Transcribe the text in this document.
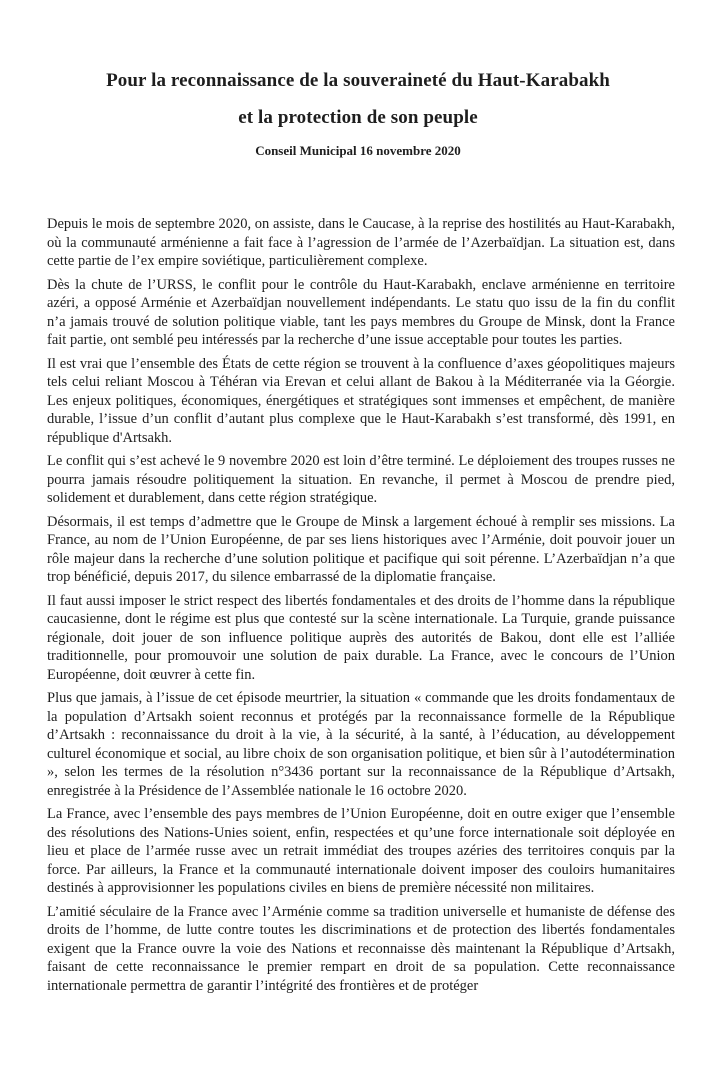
Pour la reconnaissance de la souveraineté du Haut-Karabakh
et la protection de son peuple
Conseil Municipal 16 novembre 2020

Depuis le mois de septembre 2020, on assiste, dans le Caucase, à la reprise des hostilités au Haut-Karabakh, où la communauté arménienne a fait face à l’agression de l’armée de l’Azerbaïdjan. La situation est, dans cette partie de l’ex empire soviétique, particulièrement complexe.

Dès la chute de l’URSS, le conflit pour le contrôle du Haut-Karabakh, enclave arménienne en territoire azéri, a opposé Arménie et Azerbaïdjan nouvellement indépendants. Le statu quo issu de la fin du conflit n’a jamais trouvé de solution politique viable, tant les pays membres du Groupe de Minsk, dont la France fait partie, ont semblé peu intéressés par la recherche d’une issue acceptable pour toutes les parties.

Il est vrai que l’ensemble des États de cette région se trouvent à la confluence d’axes géopolitiques majeurs tels celui reliant Moscou à Téhéran via Erevan et celui allant de Bakou à la Méditerranée via la Géorgie. Les enjeux politiques, économiques, énergétiques et stratégiques sont immenses et empêchent, de manière durable, l’issue d’un conflit d’autant plus complexe que le Haut-Karabakh s’est transformé, dès 1991, en république d'Artsakh.

Le conflit qui s’est achevé le 9 novembre 2020 est loin d’être terminé. Le déploiement des troupes russes ne pourra jamais résoudre politiquement la situation. En revanche, il permet à Moscou de prendre pied, solidement et durablement, dans cette région stratégique.

Désormais, il est temps d’admettre que le Groupe de Minsk a largement échoué à remplir ses missions. La France, au nom de l’Union Européenne, de par ses liens historiques avec l’Arménie, doit pouvoir jouer un rôle majeur dans la recherche d’une solution politique et pacifique qui soit pérenne. L’Azerbaïdjan n’a que trop bénéficié, depuis 2017, du silence embarrassé de la diplomatie française.

Il faut aussi imposer le strict respect des libertés fondamentales et des droits de l’homme dans la république caucasienne, dont le régime est plus que contesté sur la scène internationale. La Turquie, grande puissance régionale, doit jouer de son influence politique auprès des autorités de Bakou, dont elle est l’alliée traditionnelle, pour promouvoir une solution de paix durable. La France, avec le concours de l’Union Européenne, doit œuvrer à cette fin.

Plus que jamais, à l’issue de cet épisode meurtrier, la situation « commande que les droits fondamentaux de la population d’Artsakh soient reconnus et protégés par la reconnaissance formelle de la République d’Artsakh : reconnaissance du droit à la vie, à la sécurité, à la santé, à l’éducation, au développement culturel économique et social, au libre choix de son organisation politique, et bien sûr à l’autodétermination », selon les termes de la résolution n°3436 portant sur la reconnaissance de la République d’Artsakh, enregistrée à la Présidence de l’Assemblée nationale le 16 octobre 2020.

La France, avec l’ensemble des pays membres de l’Union Européenne, doit en outre exiger que l’ensemble des résolutions des Nations-Unies soient, enfin, respectées et qu’une force internationale soit déployée en lieu et place de l’armée russe avec un retrait immédiat des troupes azéries des territoires conquis par la force. Par ailleurs, la France et la communauté internationale doivent imposer des couloirs humanitaires destinés à approvisionner les populations civiles en biens de première nécessité non militaires.

L’amitié séculaire de la France avec l’Arménie comme sa tradition universelle et humaniste de défense des droits de l’homme, de lutte contre toutes les discriminations et de protection des libertés fondamentales exigent que la France ouvre la voie des Nations et reconnaisse dès maintenant la République d’Artsakh, faisant de cette reconnaissance le premier rempart en droit de sa population. Cette reconnaissance internationale permettra de garantir l’intégrité des frontières et de protéger
